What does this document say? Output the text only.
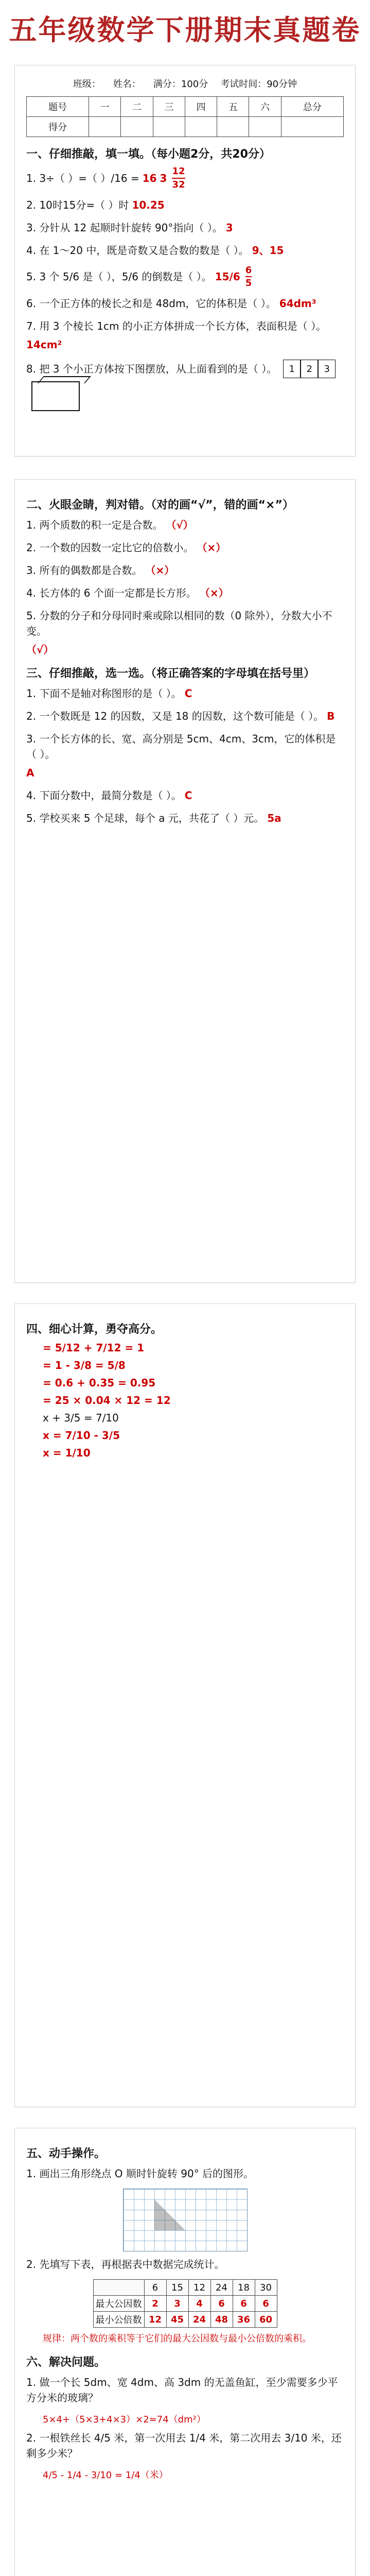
五年级数学下册期末真题卷
班级： 姓名： 满分：100分 考试时间：90分钟
题号	一	二	三	四	五	六	总分
得分							
一、仔细推敲，填一填。（每小题2分，共20分）
1. 3÷（ ）=（ ）/16 = 16 $3 \frac{12}{32}$
2. 10时15分=（ ）时 10.25
3. 分针从 12 起顺时针旋转 90°指向（ ）。 3
4. 在 1～20 中，既是奇数又是合数的数是（ ）。 9、15
5. 3 个 5/6 是（ ），5/6 的倒数是（ ）。 $15/6 \frac{6}{5}$
6. 一个正方体的棱长之和是 48dm，它的体积是（ ）。 64dm³
7. 用 3 个棱长 1cm 的小正方体拼成一个长方体，表面积是（ ）。
14cm²
8. 把 3 个小正方体按下图摆放，从上面看到的是（ ）。	1	2	3
二、火眼金睛，判对错。（对的画“√”，错的画“×”）
1. 两个质数的积一定是合数。 （√）
2. 一个数的因数一定比它的倍数小。 （×）
3. 所有的偶数都是合数。 （×）
4. 长方体的 6 个面一定都是长方形。 （×）
5. 分数的分子和分母同时乘或除以相同的数（0 除外），分数大小不变。
（√）
三、仔细推敲，选一选。（将正确答案的字母填在括号里）
1. 下面不是轴对称图形的是（ ）。 C
2. 一个数既是 12 的因数，又是 18 的因数，这个数可能是（ ）。 B
3. 一个长方体的长、宽、高分别是 5cm、4cm、3cm，它的体积是（ ）。
A
4. 下面分数中，最简分数是（ ）。 C
5. 学校买来 5 个足球，每个 a 元，共花了（ ）元。 5a
四、细心计算，勇夺高分。
= 5/12 + 7/12 = 1
= 1 - 3/8 = 5/8
= 0.6 + 0.35 = 0.95
= 25 × 0.04 × 12 = 12
x + 3/5 = 7/10
x = 7/10 - 3/5
x = 1/10
五、动手操作。
1. 画出三角形绕点 O 顺时针旋转 90° 后的图形。
2. 先填写下表，再根据表中数据完成统计。
	6	15	12	24	18	30
最大公因数	2	3	4	6	6	6
最小公倍数	12	45	24	48	36	60
规律：两个数的乘积等于它们的最大公因数与最小公倍数的乘积。
六、解决问题。
1. 做一个长 5dm、宽 4dm、高 3dm 的无盖鱼缸，至少需要多少平方分米的玻璃？
5×4+（5×3+4×3）×2=74（dm²）
2. 一根铁丝长 4/5 米，第一次用去 1/4 米，第二次用去 3/10 米，还剩多少米？
4/5 - 1/4 - 3/10 = 1/4（米）
